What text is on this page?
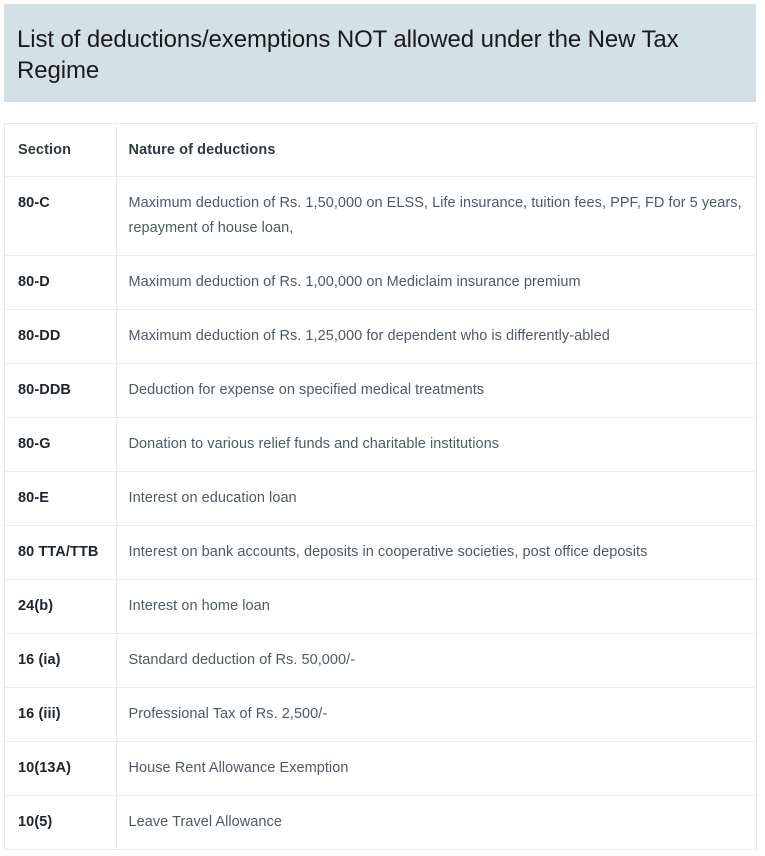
List of deductions/exemptions NOT allowed under the New Tax Regime
Section	Nature of deductions
80-C	Maximum deduction of Rs. 1,50,000 on ELSS, Life insurance, tuition fees, PPF, FD for 5 years, repayment of house loan,
80-D	Maximum deduction of Rs. 1,00,000 on Mediclaim insurance premium
80-DD	Maximum deduction of Rs. 1,25,000 for dependent who is differently-abled
80-DDB	Deduction for expense on specified medical treatments
80-G	Donation to various relief funds and charitable institutions
80-E	Interest on education loan
80 TTA/TTB	Interest on bank accounts, deposits in cooperative societies, post office deposits
24(b)	Interest on home loan
16 (ia)	Standard deduction of Rs. 50,000/-
16 (iii)	Professional Tax of Rs. 2,500/-
10(13A)	House Rent Allowance Exemption
10(5)	Leave Travel Allowance
